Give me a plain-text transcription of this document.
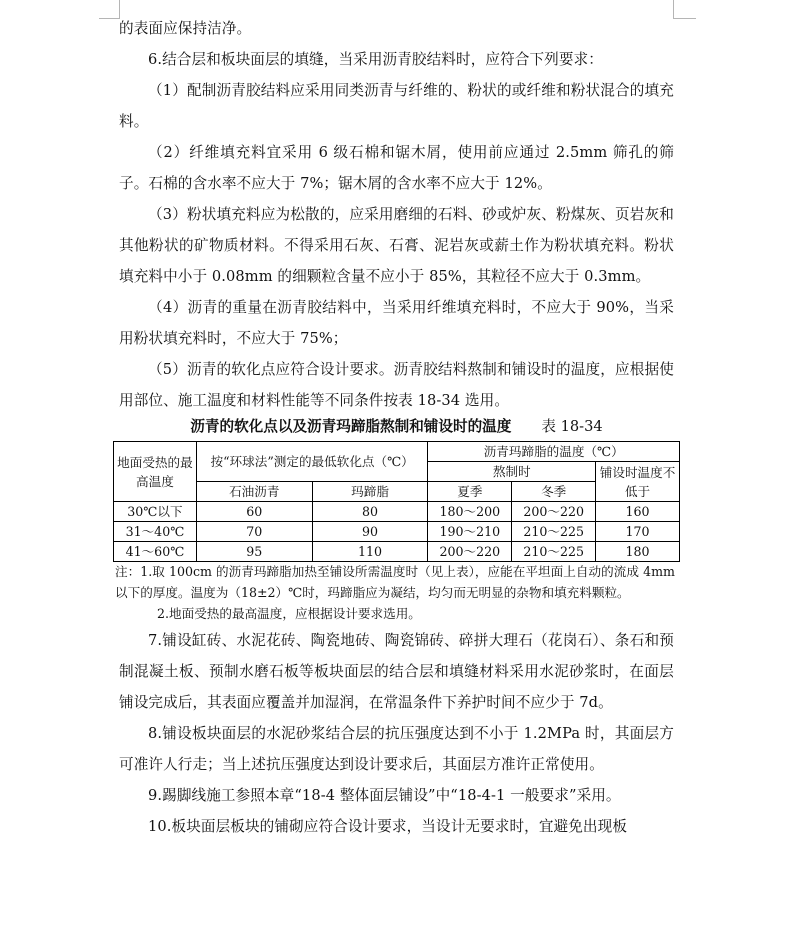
的表面应保持洁净。

6.结合层和板块面层的填缝，当采用沥青胶结料时，应符合下列要求：

（1）配制沥青胶结料应采用同类沥青与纤维的、粉状的或纤维和粉状混合的填充料。

（2）纤维填充料宜采用 6 级石棉和锯木屑，使用前应通过 2.5mm 筛孔的筛子。石棉的含水率不应大于 7%；锯木屑的含水率不应大于 12%。

（3）粉状填充料应为松散的，应采用磨细的石料、砂或炉灰、粉煤灰、页岩灰和其他粉状的矿物质材料。不得采用石灰、石膏、泥岩灰或薪土作为粉状填充料。粉状填充料中小于 0.08mm 的细颗粒含量不应小于 85%，其粒径不应大于 0.3mm。

（4）沥青的重量在沥青胶结料中，当采用纤维填充料时，不应大于 90%，当采用粉状填充料时，不应大于 75%；

（5）沥青的软化点应符合设计要求。沥青胶结料熬制和铺设时的温度，应根据使用部位、施工温度和材料性能等不同条件按表 18-34 选用。

沥青的软化点以及沥青玛蹄脂熬制和铺设时的温度 表 18-34
地面受热的最高温度	按“环球法”测定的最低软化点（℃）		沥青玛蹄脂的温度（℃）		
			熬制时		铺设时温度不低于
	石油沥青	玛蹄脂	夏季	冬季	
30℃以下	60	80	180～200	200～220	160
31～40℃	70	90	190～210	210～225	170
41～60℃	95	110	200～220	210～225	180
注：1.取 100cm 的沥青玛蹄脂加热至铺设所需温度时（见上表），应能在平坦面上自动的流成 4mm以下的厚度。温度为（18±2）℃时，玛蹄脂应为凝结，均匀而无明显的杂物和填充料颗粒。
2.地面受热的最高温度，应根据设计要求选用。

7.铺设缸砖、水泥花砖、陶瓷地砖、陶瓷锦砖、碎拼大理石（花岗石）、条石和预制混凝土板、预制水磨石板等板块面层的结合层和填缝材料采用水泥砂浆时，在面层铺设完成后，其表面应覆盖并加湿润，在常温条件下养护时间不应少于 7d。

8.铺设板块面层的水泥砂浆结合层的抗压强度达到不小于 1.2MPa 时，其面层方可准许人行走；当上述抗压强度达到设计要求后，其面层方准许正常使用。

9.踢脚线施工参照本章“18-4 整体面层铺设”中“18-4-1 一般要求”采用。

10.板块面层板块的铺砌应符合设计要求，当设计无要求时，宜避免出现板
